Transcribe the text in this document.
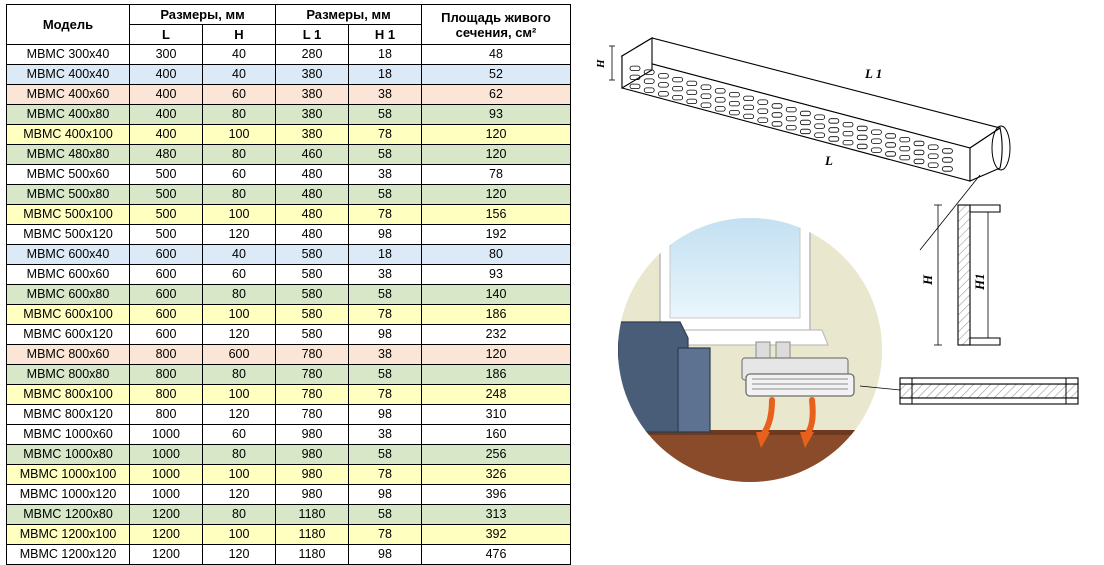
Модель	Размеры, мм		Размеры, мм		Площадь живого сечения, см²
	L	H	L 1	H 1	
МВМС 300х40	300	40	280	18	48
МВМС 400х40	400	40	380	18	52
МВМС 400х60	400	60	380	38	62
МВМС 400х80	400	80	380	58	93
МВМС 400х100	400	100	380	78	120
МВМС 480х80	480	80	460	58	120
МВМС 500х60	500	60	480	38	78
МВМС 500х80	500	80	480	58	120
МВМС 500х100	500	100	480	78	156
МВМС 500х120	500	120	480	98	192
МВМС 600х40	600	40	580	18	80
МВМС 600х60	600	60	580	38	93
МВМС 600х80	600	80	580	58	140
МВМС 600х100	600	100	580	78	186
МВМС 600х120	600	120	580	98	232
МВМС 800х60	800	600	780	38	120
МВМС 800х80	800	80	780	58	186
МВМС 800х100	800	100	780	78	248
МВМС 800х120	800	120	780	98	310
МВМС 1000х60	1000	60	980	38	160
МВМС 1000х80	1000	80	980	58	256
МВМС 1000х100	1000	100	980	78	326
МВМС 1000х120	1000	120	980	98	396
МВМС 1200х80	1200	80	1180	58	313
МВМС 1200х100	1200	100	1180	78	392
МВМС 1200х120	1200	120	1180	98	476
H
L 1
L
H	H1
